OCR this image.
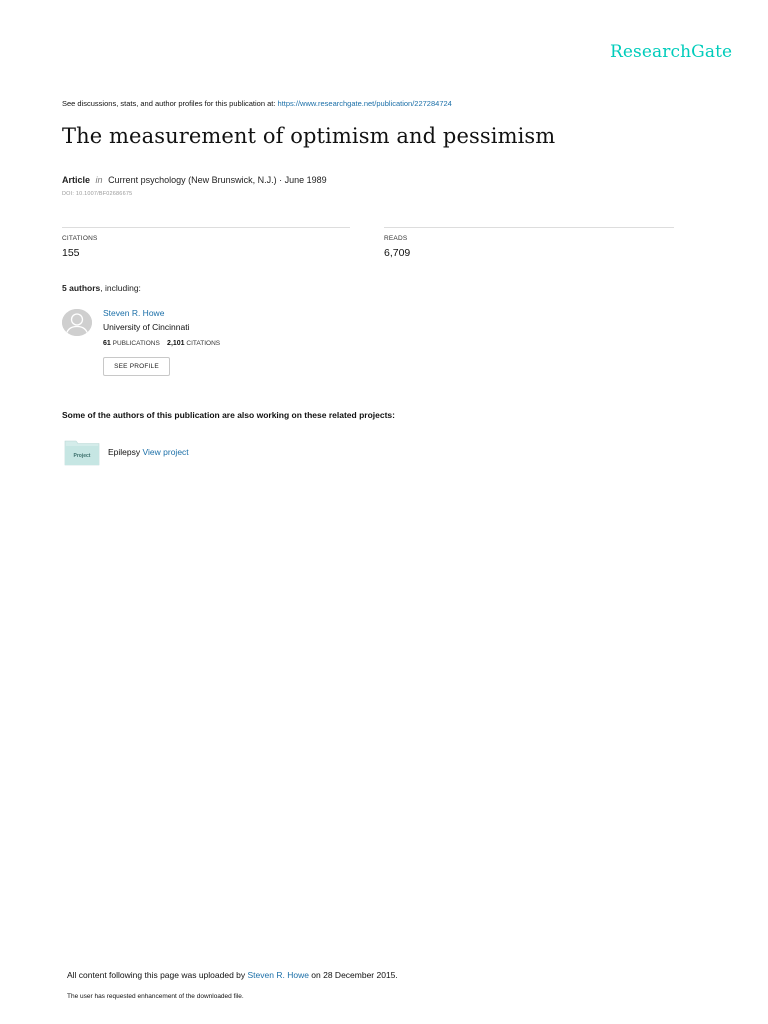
ResearchGate
See discussions, stats, and author profiles for this publication at: https://www.researchgate.net/publication/227284724
The measurement of optimism and pessimism
Article in Current psychology (New Brunswick, N.J.) · June 1989
DOI: 10.1007/BF02686675
CITATIONS
155
READS
6,709
5 authors, including:
Steven R. Howe
University of Cincinnati
61 PUBLICATIONS 2,101 CITATIONS
SEE PROFILE
Some of the authors of this publication are also working on these related projects:
Project Epilepsy View project
All content following this page was uploaded by Steven R. Howe on 28 December 2015.
The user has requested enhancement of the downloaded file.
